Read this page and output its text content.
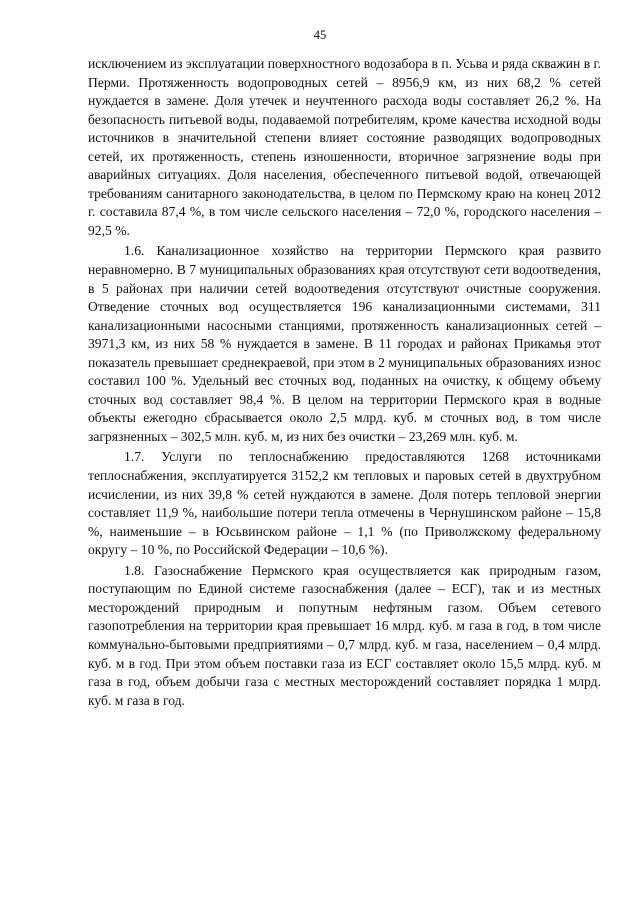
45

исключением из эксплуатации поверхностного водозабора в п. Усьва и ряда скважин в г. Перми. Протяженность водопроводных сетей – 8956,9 км, из них 68,2 % сетей нуждается в замене. Доля утечек и неучтенного расхода воды составляет 26,2 %. На безопасность питьевой воды, подаваемой потребителям, кроме качества исходной воды источников в значительной степени влияет состояние разводящих водопроводных сетей, их протяженность, степень изношенности, вторичное загрязнение воды при аварийных ситуациях. Доля населения, обеспеченного питьевой водой, отвечающей требованиям санитарного законодательства, в целом по Пермскому краю на конец 2012 г. составила 87,4 %, в том числе сельского населения – 72,0 %, городского населения – 92,5 %.

1.6. Канализационное хозяйство на территории Пермского края развито неравномерно. В 7 муниципальных образованиях края отсутствуют сети водоотведения, в 5 районах при наличии сетей водоотведения отсутствуют очистные сооружения. Отведение сточных вод осуществляется 196 канализационными системами, 311 канализационными насосными станциями, протяженность канализационных сетей – 3971,3 км, из них 58 % нуждается в замене. В 11 городах и районах Прикамья этот показатель превышает среднекраевой, при этом в 2 муниципальных образованиях износ составил 100 %. Удельный вес сточных вод, поданных на очистку, к общему объему сточных вод составляет 98,4 %. В целом на территории Пермского края в водные объекты ежегодно сбрасывается около 2,5 млрд. куб. м сточных вод, в том числе загрязненных – 302,5 млн. куб. м, из них без очистки – 23,269 млн. куб. м.

1.7. Услуги по теплоснабжению предоставляются 1268 источниками теплоснабжения, эксплуатируется 3152,2 км тепловых и паровых сетей в двухтрубном исчислении, из них 39,8 % сетей нуждаются в замене. Доля потерь тепловой энергии составляет 11,9 %, наибольшие потери тепла отмечены в Чернушинском районе – 15,8 %, наименьшие – в Юсьвинском районе – 1,1 % (по Приволжскому федеральному округу – 10 %, по Российской Федерации – 10,6 %).

1.8. Газоснабжение Пермского края осуществляется как природным газом, поступающим по Единой системе газоснабжения (далее – ЕСГ), так и из местных месторождений природным и попутным нефтяным газом. Объем сетевого газопотребления на территории края превышает 16 млрд. куб. м газа в год, в том числе коммунально-бытовыми предприятиями – 0,7 млрд. куб. м газа, населением – 0,4 млрд. куб. м в год. При этом объем поставки газа из ЕСГ составляет около 15,5 млрд. куб. м газа в год, объем добычи газа с местных месторождений составляет порядка 1 млрд. куб. м газа в год.
